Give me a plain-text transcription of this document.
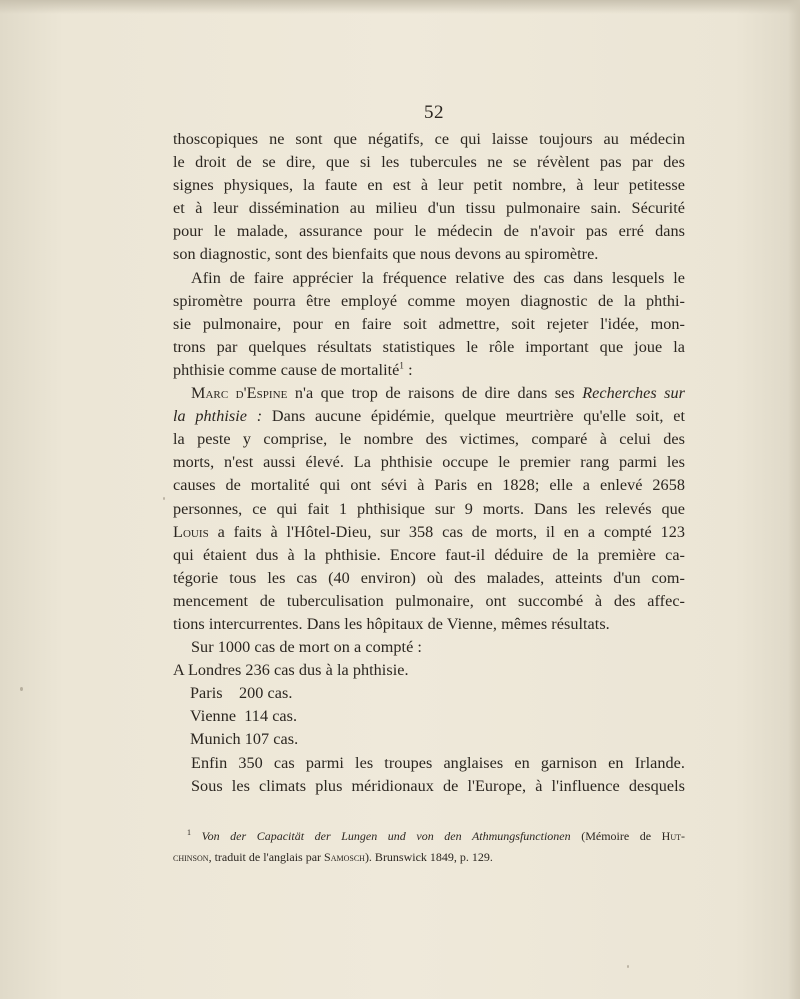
52
thoscopiques ne sont que négatifs, ce qui laisse toujours au médecin
le droit de se dire, que si les tubercules ne se révèlent pas par des
signes physiques, la faute en est à leur petit nombre, à leur petitesse
et à leur dissémination au milieu d'un tissu pulmonaire sain. Sécurité
pour le malade, assurance pour le médecin de n'avoir pas erré dans
son diagnostic, sont des bienfaits que nous devons au spiromètre.
Afin de faire apprécier la fréquence relative des cas dans lesquels le
spiromètre pourra être employé comme moyen diagnostic de la phthi-
sie pulmonaire, pour en faire soit admettre, soit rejeter l'idée, mon-
trons par quelques résultats statistiques le rôle important que joue la
phthisie comme cause de mortalité$^1$ :
Marc d'Espine n'a que trop de raisons de dire dans ses Recherches sur
la phthisie : Dans aucune épidémie, quelque meurtrière qu'elle soit, et
la peste y comprise, le nombre des victimes, comparé à celui des
morts, n'est aussi élevé. La phthisie occupe le premier rang parmi les
causes de mortalité qui ont sévi à Paris en 1828; elle a enlevé 2658
personnes, ce qui fait 1 phthisique sur 9 morts. Dans les relevés que
Louis a faits à l'Hôtel-Dieu, sur 358 cas de morts, il en a compté 123
qui étaient dus à la phthisie. Encore faut-il déduire de la première ca-
tégorie tous les cas (40 environ) où des malades, atteints d'un com-
mencement de tuberculisation pulmonaire, ont succombé à des affec-
tions intercurrentes. Dans les hôpitaux de Vienne, mêmes résultats.
Sur 1000 cas de mort on a compté :
A Londres 236 cas dus à la phthisie.
Paris    200 cas.
Vienne  114 cas.
Munich 107 cas.
Enfin 350 cas parmi les troupes anglaises en garnison en Irlande.
Sous les climats plus méridionaux de l'Europe, à l'influence desquels
$^1$ Von der Capacität der Lungen und von den Athmungsfunctionen (Mémoire de Hut-
chinson, traduit de l'anglais par Samosch). Brunswick 1849, p. 129.
